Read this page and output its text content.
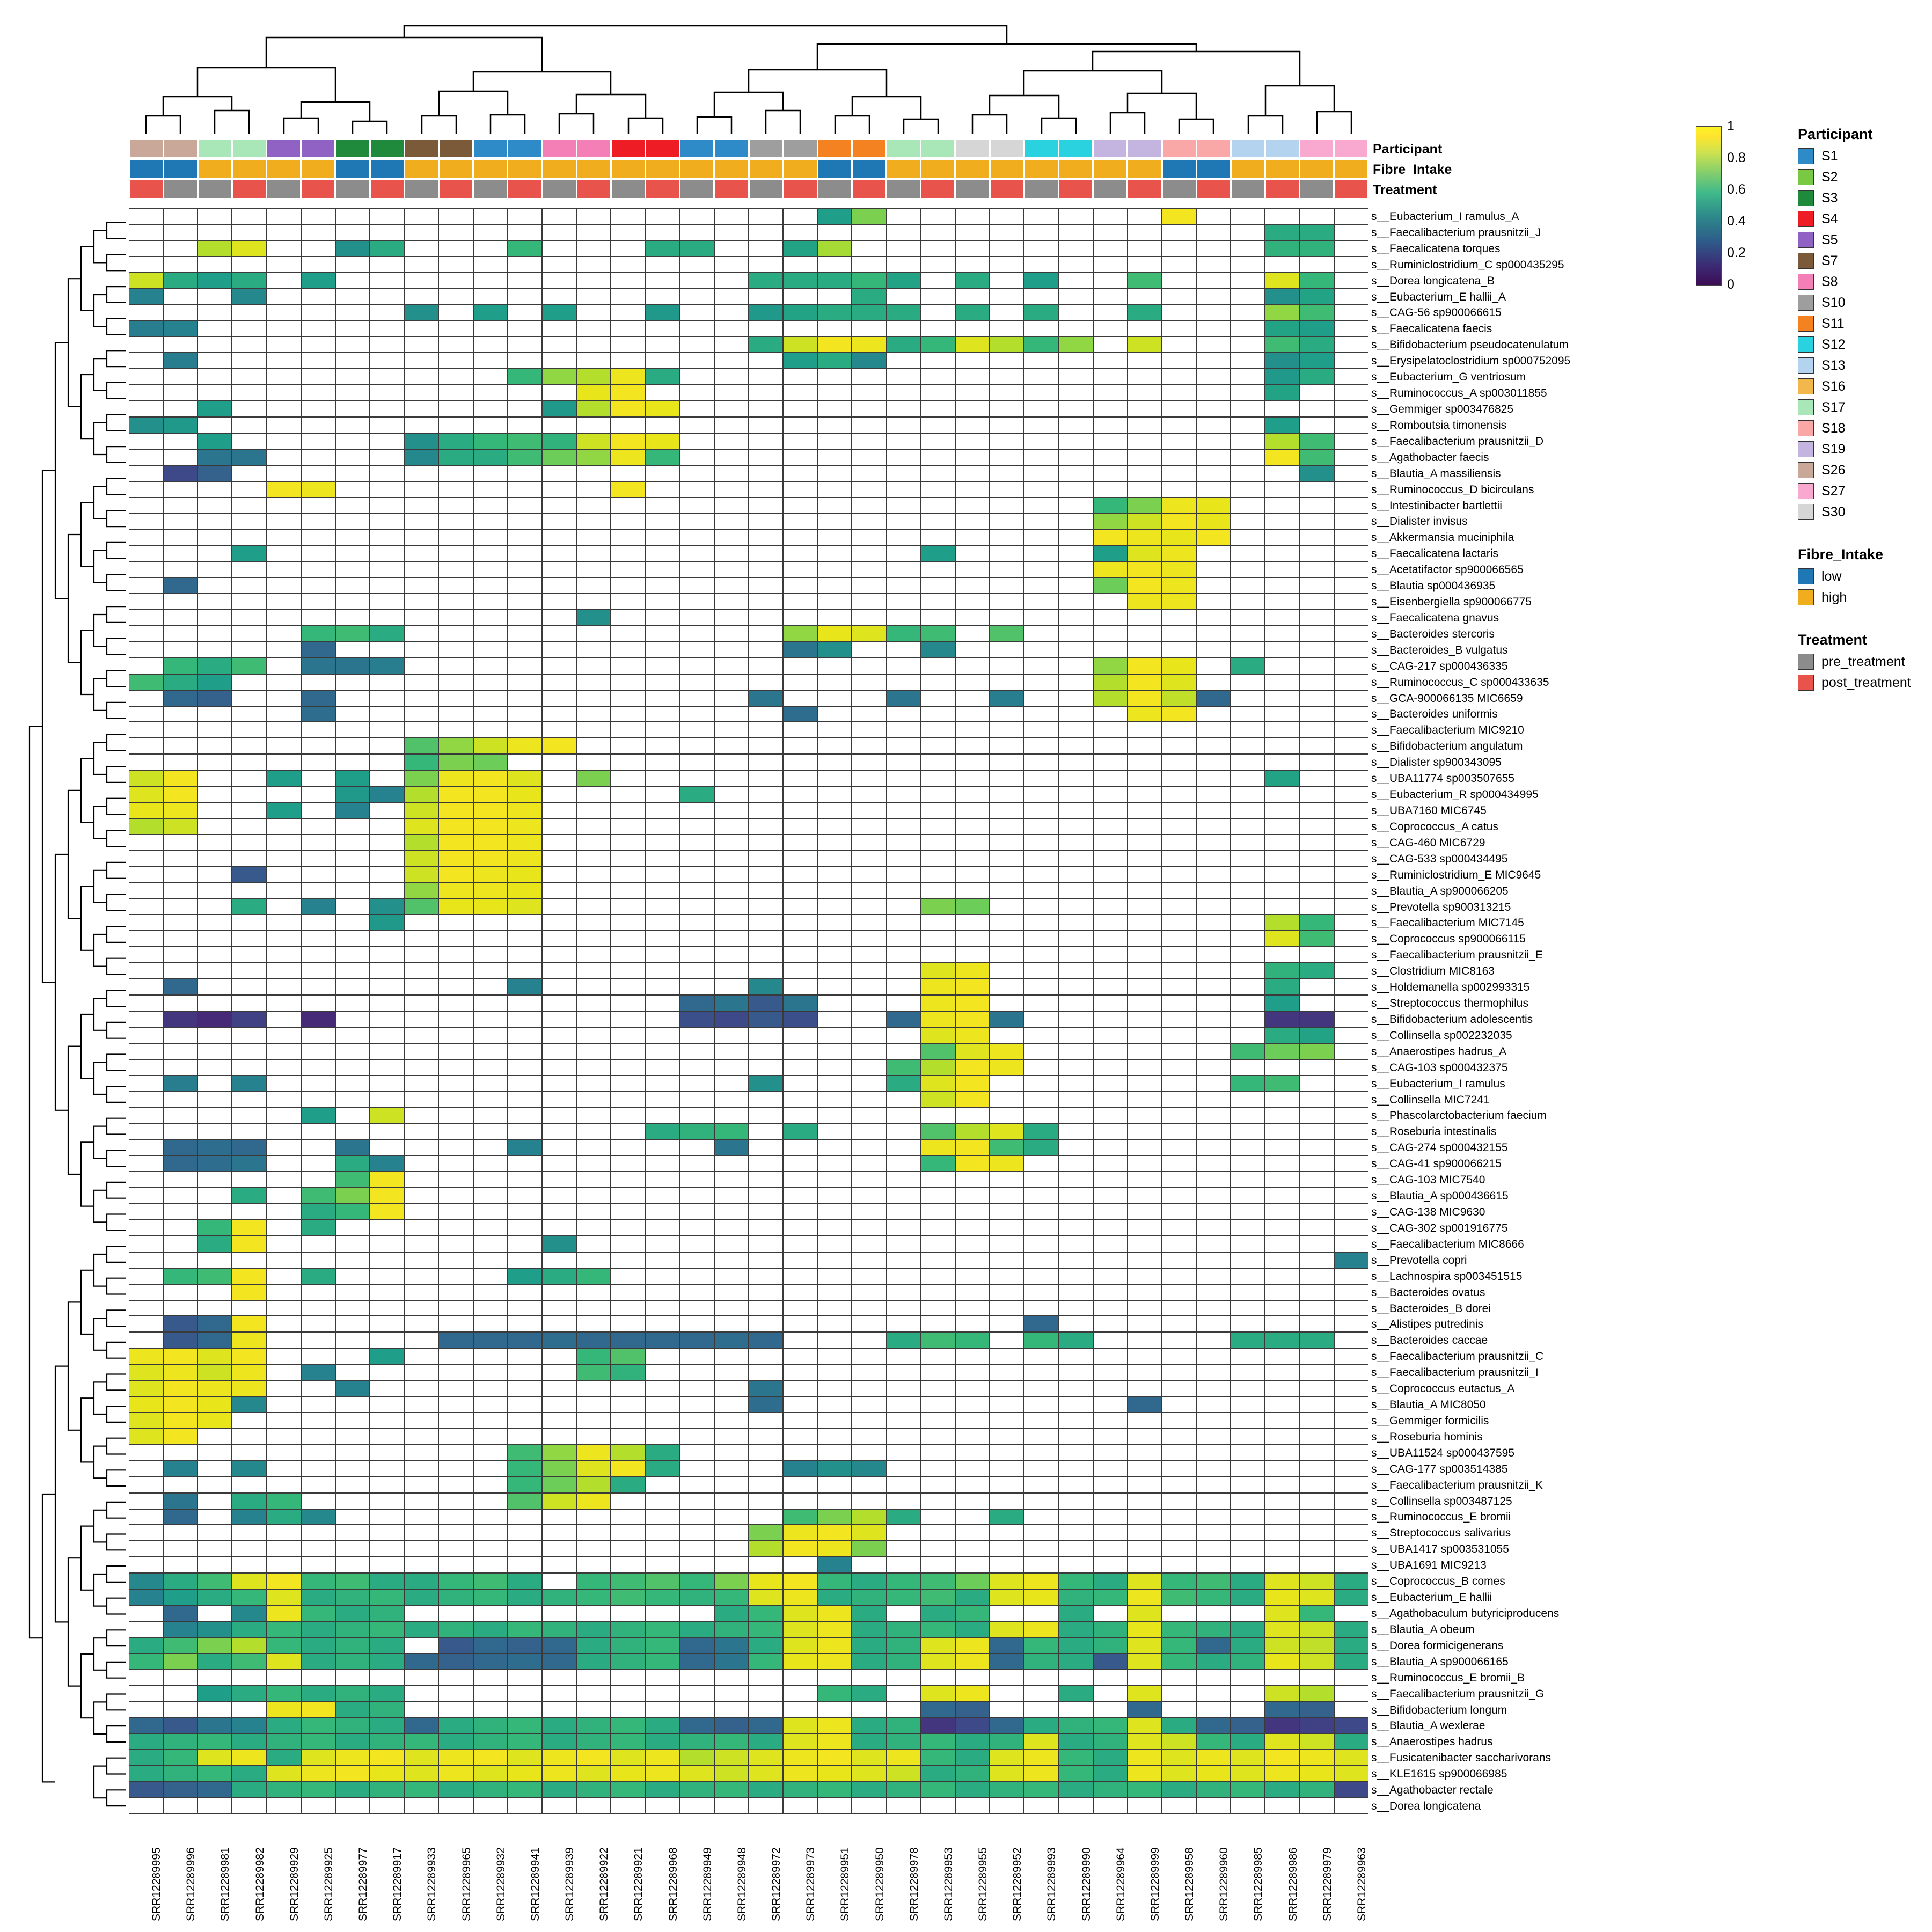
Participant
Fibre_Intake
Treatment
s__Eubacterium_I ramulus_A
s__Faecalibacterium prausnitzii_J
s__Faecalicatena torques
s__Ruminiclostridium_C sp000435295
s__Dorea longicatena_B
s__Eubacterium_E hallii_A
s__CAG-56 sp900066615
s__Faecalicatena faecis
s__Bifidobacterium pseudocatenulatum
s__Erysipelatoclostridium sp000752095
s__Eubacterium_G ventriosum
s__Ruminococcus_A sp003011855
s__Gemmiger sp003476825
s__Romboutsia timonensis
s__Faecalibacterium prausnitzii_D
s__Agathobacter faecis
s__Blautia_A massiliensis
s__Ruminococcus_D bicirculans
s__Intestinibacter bartlettii
s__Dialister invisus
s__Akkermansia muciniphila
s__Faecalicatena lactaris
s__Acetatifactor sp900066565
s__Blautia sp000436935
s__Eisenbergiella sp900066775
s__Faecalicatena gnavus
s__Bacteroides stercoris
s__Bacteroides_B vulgatus
s__CAG-217 sp000436335
s__Ruminococcus_C sp000433635
s__GCA-900066135 MIC6659
s__Bacteroides uniformis
s__Faecalibacterium MIC9210
s__Bifidobacterium angulatum
s__Dialister sp900343095
s__UBA11774 sp003507655
s__Eubacterium_R sp000434995
s__UBA7160 MIC6745
s__Coprococcus_A catus
s__CAG-460 MIC6729
s__CAG-533 sp000434495
s__Ruminiclostridium_E MIC9645
s__Blautia_A sp900066205
s__Prevotella sp900313215
s__Faecalibacterium MIC7145
s__Coprococcus sp900066115
s__Faecalibacterium prausnitzii_E
s__Clostridium MIC8163
s__Holdemanella sp002993315
s__Streptococcus thermophilus
s__Bifidobacterium adolescentis
s__Collinsella sp002232035
s__Anaerostipes hadrus_A
s__CAG-103 sp000432375
s__Eubacterium_I ramulus
s__Collinsella MIC7241
s__Phascolarctobacterium faecium
s__Roseburia intestinalis
s__CAG-274 sp000432155
s__CAG-41 sp900066215
s__CAG-103 MIC7540
s__Blautia_A sp000436615
s__CAG-138 MIC9630
s__CAG-302 sp001916775
s__Faecalibacterium MIC8666
s__Prevotella copri
s__Lachnospira sp003451515
s__Bacteroides ovatus
s__Bacteroides_B dorei
s__Alistipes putredinis
s__Bacteroides caccae
s__Faecalibacterium prausnitzii_C
s__Faecalibacterium prausnitzii_I
s__Coprococcus eutactus_A
s__Blautia_A MIC8050
s__Gemmiger formicilis
s__Roseburia hominis
s__UBA11524 sp000437595
s__CAG-177 sp003514385
s__Faecalibacterium prausnitzii_K
s__Collinsella sp003487125
s__Ruminococcus_E bromii
s__Streptococcus salivarius
s__UBA1417 sp003531055
s__UBA1691 MIC9213
s__Coprococcus_B comes
s__Eubacterium_E hallii
s__Agathobaculum butyriciproducens
s__Blautia_A obeum
s__Dorea formicigenerans
s__Blautia_A sp900066165
s__Ruminococcus_E bromii_B
s__Faecalibacterium prausnitzii_G
s__Bifidobacterium longum
s__Blautia_A wexlerae
s__Anaerostipes hadrus
s__Fusicatenibacter saccharivorans
s__KLE1615 sp900066985
s__Agathobacter rectale
s__Dorea longicatena
SRR12289995 SRR12289996 SRR12289981 SRR12289982 SRR12289929 SRR12289925 SRR12289977 SRR12289917 SRR12289933 SRR12289965 SRR12289932 SRR12289941 SRR12289939 SRR12289922 SRR12289921 SRR12289968 SRR12289949 SRR12289948 SRR12289972 SRR12289973 SRR12289951 SRR12289950 SRR12289978 SRR12289953 SRR12289955 SRR12289952 SRR12289993 SRR12289990 SRR12289964 SRR12289999 SRR12289958 SRR12289960 SRR12289985 SRR12289986 SRR12289979 SRR12289963
1
0.8
0.6
0.4
0.2
0
Participant
S1
S2
S3
S4
S5
S7
S8
S10
S11
S12
S13
S16
S17
S18
S19
S26
S27
S30
Fibre_Intake
low
high
Treatment
pre_treatment
post_treatment
